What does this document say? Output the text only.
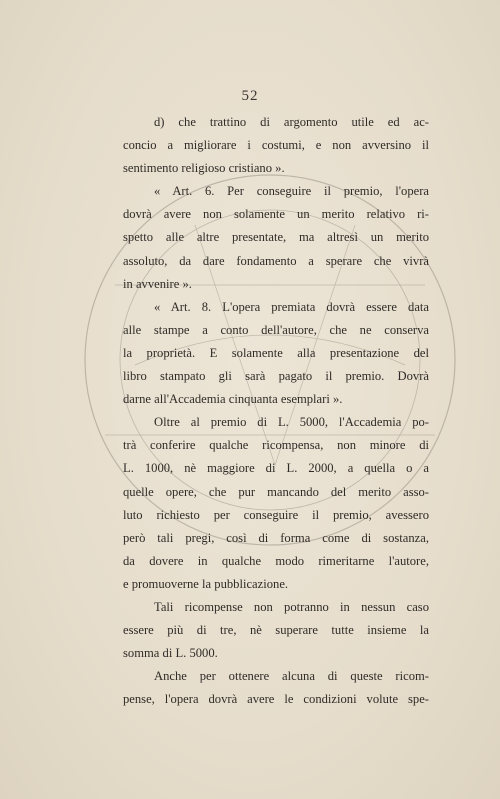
52
d) che trattino di argomento utile ed ac-
concio a migliorare i costumi, e non avversino il
sentimento religioso cristiano ».
« Art. 6. Per conseguire il premio, l'opera
dovrà avere non solamente un merito relativo ri-
spetto alle altre presentate, ma altresì un merito
assoluto, da dare fondamento a sperare che vivrà
in avvenire ».
« Art. 8. L'opera premiata dovrà essere data
alle stampe a conto dell'autore, che ne conserva
la proprietà. E solamente alla presentazione del
libro stampato gli sarà pagato il premio. Dovrà
darne all'Accademia cinquanta esemplari ».
Oltre al premio di L. 5000, l'Accademia po-
trà conferire qualche ricompensa, non minore di
L. 1000, nè maggiore di L. 2000, a quella o a
quelle opere, che pur mancando del merito asso-
luto richiesto per conseguire il premio, avessero
però tali pregi, così di forma come di sostanza,
da dovere in qualche modo rimeritarne l'autore,
e promuoverne la pubblicazione.
Tali ricompense non potranno in nessun caso
essere più di tre, nè superare tutte insieme la
somma di L. 5000.
Anche per ottenere alcuna di queste ricom-
pense, l'opera dovrà avere le condizioni volute spe-
